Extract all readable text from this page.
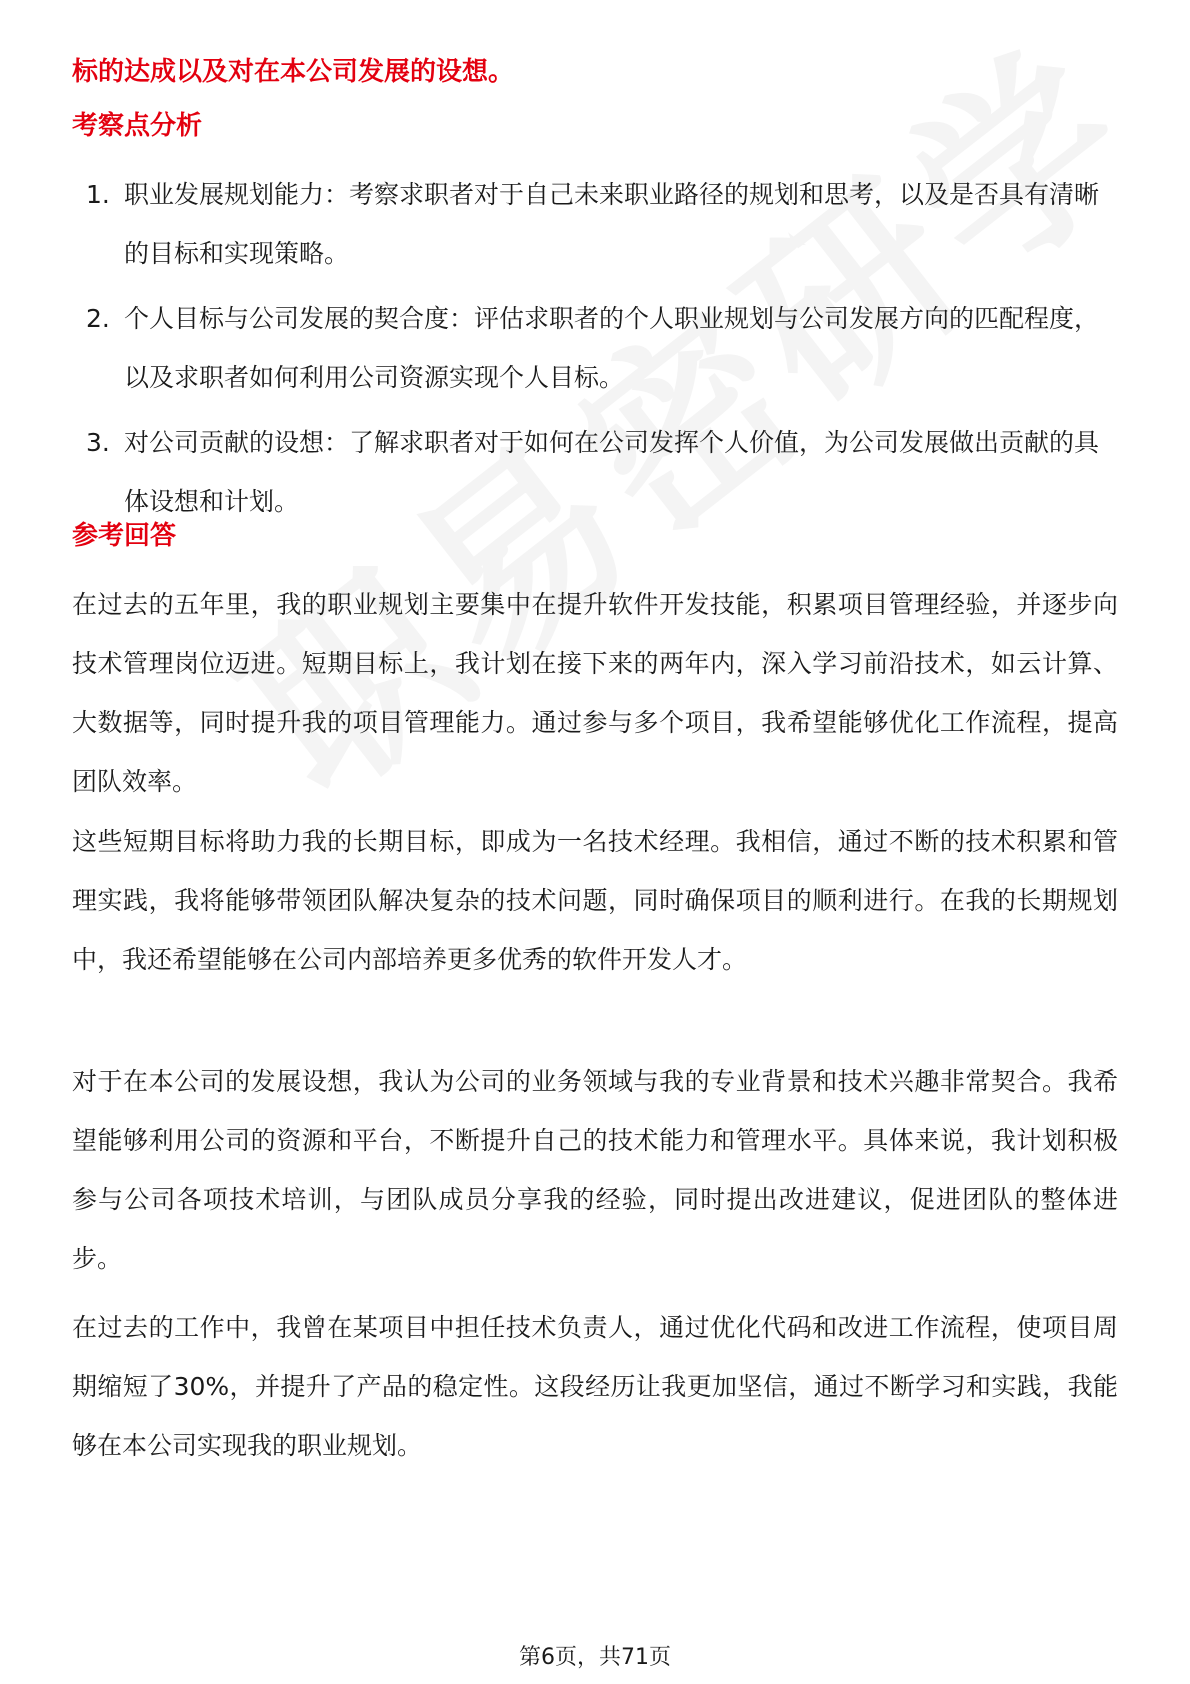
标的达成以及对在本公司发展的设想。
考察点分析
1. 职业发展规划能力：考察求职者对于自己未来职业路径的规划和思考，以及是否具有清晰的目标和实现策略。
2. 个人目标与公司发展的契合度：评估求职者的个人职业规划与公司发展方向的匹配程度，以及求职者如何利用公司资源实现个人目标。
3. 对公司贡献的设想：了解求职者对于如何在公司发挥个人价值，为公司发展做出贡献的具体设想和计划。
参考回答

在过去的五年里，我的职业规划主要集中在提升软件开发技能，积累项目管理经验，并逐步向技术管理岗位迈进。短期目标上，我计划在接下来的两年内，深入学习前沿技术，如云计算、大数据等，同时提升我的项目管理能力。通过参与多个项目，我希望能够优化工作流程，提高团队效率。

这些短期目标将助力我的长期目标，即成为一名技术经理。我相信，通过不断的技术积累和管理实践，我将能够带领团队解决复杂的技术问题，同时确保项目的顺利进行。在我的长期规划中，我还希望能够在公司内部培养更多优秀的软件开发人才。

对于在本公司的发展设想，我认为公司的业务领域与我的专业背景和技术兴趣非常契合。我希望能够利用公司的资源和平台，不断提升自己的技术能力和管理水平。具体来说，我计划积极参与公司各项技术培训，与团队成员分享我的经验，同时提出改进建议，促进团队的整体进步。

在过去的工作中，我曾在某项目中担任技术负责人，通过优化代码和改进工作流程，使项目周期缩短了30%，并提升了产品的稳定性。这段经历让我更加坚信，通过不断学习和实践，我能够在本公司实现我的职业规划。

第6页，共71页
